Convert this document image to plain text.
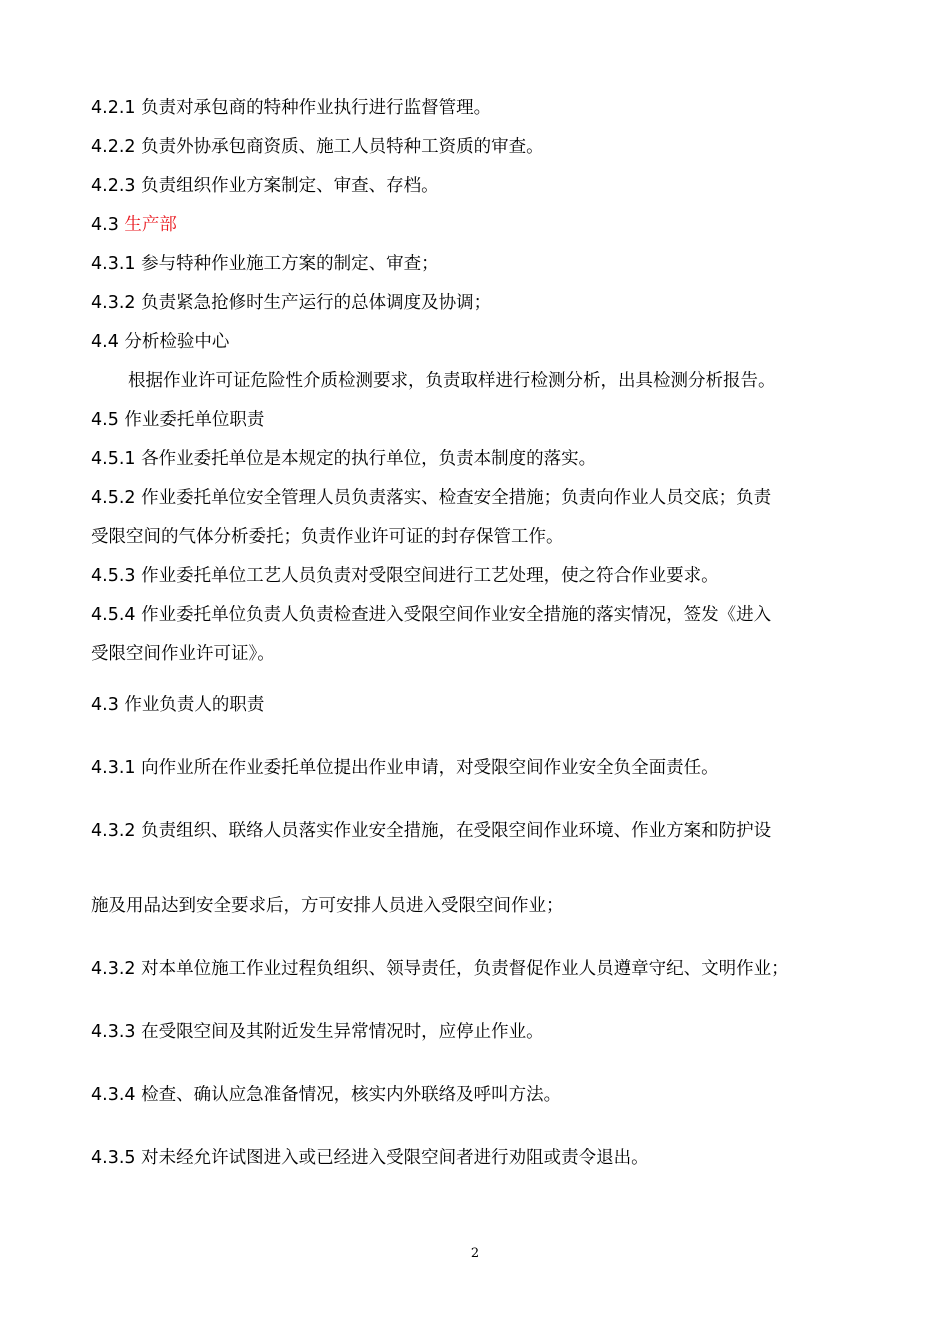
4.2.1 负责对承包商的特种作业执行进行监督管理。
4.2.2 负责外协承包商资质、施工人员特种工资质的审查。
4.2.3 负责组织作业方案制定、审查、存档。
4.3 生产部
4.3.1 参与特种作业施工方案的制定、审查；
4.3.2 负责紧急抢修时生产运行的总体调度及协调；
4.4 分析检验中心
根据作业许可证危险性介质检测要求，负责取样进行检测分析，出具检测分析报告。
4.5 作业委托单位职责
4.5.1 各作业委托单位是本规定的执行单位，负责本制度的落实。
4.5.2 作业委托单位安全管理人员负责落实、检查安全措施；负责向作业人员交底；负责
受限空间的气体分析委托；负责作业许可证的封存保管工作。
4.5.3 作业委托单位工艺人员负责对受限空间进行工艺处理，使之符合作业要求。
4.5.4 作业委托单位负责人负责检查进入受限空间作业安全措施的落实情况，签发《进入
受限空间作业许可证》。
4.3 作业负责人的职责
4.3.1 向作业所在作业委托单位提出作业申请，对受限空间作业安全负全面责任。
4.3.2 负责组织、联络人员落实作业安全措施，在受限空间作业环境、作业方案和防护设
施及用品达到安全要求后，方可安排人员进入受限空间作业；
4.3.2 对本单位施工作业过程负组织、领导责任，负责督促作业人员遵章守纪、文明作业；
4.3.3 在受限空间及其附近发生异常情况时，应停止作业。
4.3.4 检查、确认应急准备情况，核实内外联络及呼叫方法。
4.3.5 对未经允许试图进入或已经进入受限空间者进行劝阻或责令退出。
2
